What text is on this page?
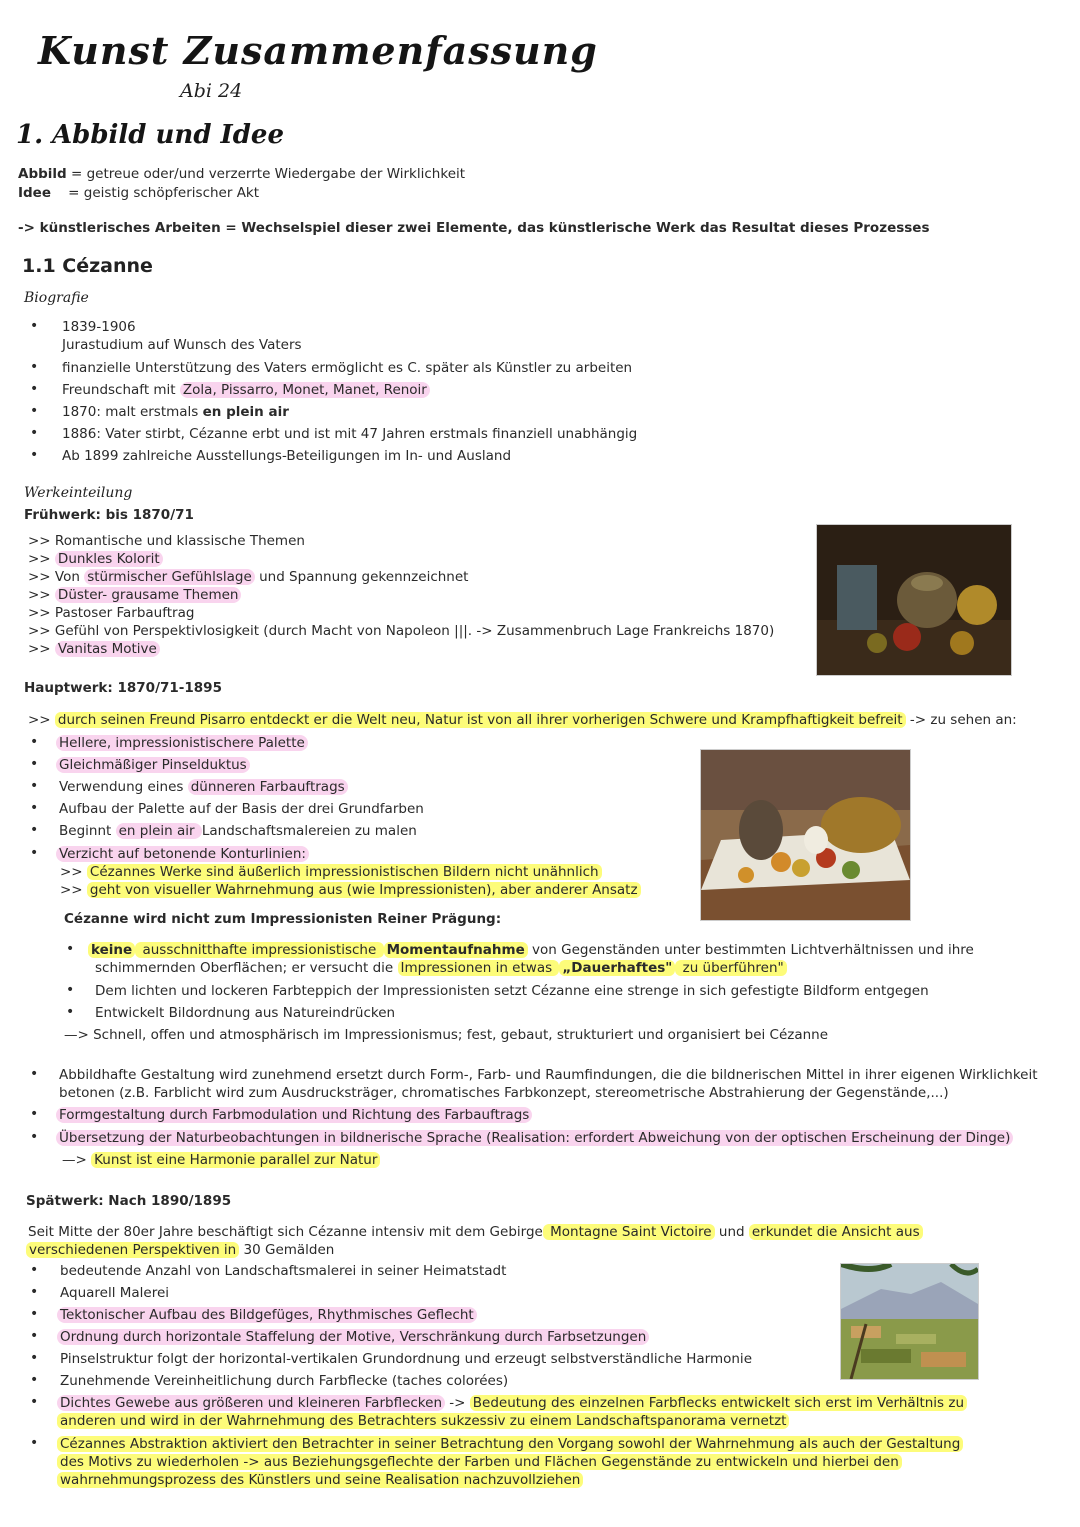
Kunst Zusammenfassung
Abi 24
1. Abbild und Idee
Abbild = getreue oder/und verzerrte Wiedergabe der Wirklichkeit
Idee = geistig schöpferischer Akt
-> künstlerisches Arbeiten = Wechselspiel dieser zwei Elemente, das künstlerische Werk das Resultat dieses Prozesses
1.1 Cézanne
Biografie
• 1839-1906
Jurastudium auf Wunsch des Vaters
• finanzielle Unterstützung des Vaters ermöglicht es C. später als Künstler zu arbeiten
• Freundschaft mit Zola, Pissarro, Monet, Manet, Renoir
• 1870: malt erstmals en plein air
• 1886: Vater stirbt, Cézanne erbt und ist mit 47 Jahren erstmals finanziell unabhängig
• Ab 1899 zahlreiche Ausstellungs-Beteiligungen im In- und Ausland
Werkeinteilung
Frühwerk: bis 1870/71
>> Romantische und klassische Themen
>> Dunkles Kolorit
>> Von stürmischer Gefühlslage und Spannung gekennzeichnet
>> Düster- grausame Themen
>> Pastoser Farbauftrag
>> Gefühl von Perspektivlosigkeit (durch Macht von Napoleon |||. -> Zusammenbruch Lage Frankreichs 1870)
>> Vanitas Motive
Hauptwerk: 1870/71-1895
>> durch seinen Freund Pisarro entdeckt er die Welt neu, Natur ist von all ihrer vorherigen Schwere und Krampfhaftigkeit befreit -> zu sehen an:
• Hellere, impressionistischere Palette
• Gleichmäßiger Pinselduktus
• Verwendung eines dünneren Farbauftrags
• Aufbau der Palette auf der Basis der drei Grundfarben
• Beginnt en plein air Landschaftsmalereien zu malen
• Verzicht auf betonende Konturlinien:
>> Cézannes Werke sind äußerlich impressionistischen Bildern nicht unähnlich
>> geht von visueller Wahrnehmung aus (wie Impressionisten), aber anderer Ansatz
Cézanne wird nicht zum Impressionisten Reiner Prägung:
• keine ausschnitthafte impressionistische Momentaufnahme von Gegenständen unter bestimmten Lichtverhältnissen und ihre
schimmernden Oberflächen; er versucht die Impressionen in etwas „Dauerhaftes" zu überführen"
• Dem lichten und lockeren Farbteppich der Impressionisten setzt Cézanne eine strenge in sich gefestigte Bildform entgegen
• Entwickelt Bildordnung aus Natureindrücken
—> Schnell, offen und atmosphärisch im Impressionismus; fest, gebaut, strukturiert und organisiert bei Cézanne
• Abbildhafte Gestaltung wird zunehmend ersetzt durch Form-, Farb- und Raumfindungen, die die bildnerischen Mittel in ihrer eigenen Wirklichkeit
betonen (z.B. Farblicht wird zum Ausdrucksträger, chromatisches Farbkonzept, stereometrische Abstrahierung der Gegenstände,...)
• Formgestaltung durch Farbmodulation und Richtung des Farbauftrags
• Übersetzung der Naturbeobachtungen in bildnerische Sprache (Realisation: erfordert Abweichung von der optischen Erscheinung der Dinge)
—> Kunst ist eine Harmonie parallel zur Natur
Spätwerk: Nach 1890/1895
Seit Mitte der 80er Jahre beschäftigt sich Cézanne intensiv mit dem Gebirge Montagne Saint Victoire und erkundet die Ansicht aus
verschiedenen Perspektiven in 30 Gemälden
• bedeutende Anzahl von Landschaftsmalerei in seiner Heimatstadt
• Aquarell Malerei
• Tektonischer Aufbau des Bildgefüges, Rhythmisches Geflecht
• Ordnung durch horizontale Staffelung der Motive, Verschränkung durch Farbsetzungen
• Pinselstruktur folgt der horizontal-vertikalen Grundordnung und erzeugt selbstverständliche Harmonie
• Zunehmende Vereinheitlichung durch Farbflecke (taches colorées)
• Dichtes Gewebe aus größeren und kleineren Farbflecken -> Bedeutung des einzelnen Farbflecks entwickelt sich erst im Verhältnis zu
anderen und wird in der Wahrnehmung des Betrachters sukzessiv zu einem Landschaftspanorama vernetzt
• Cézannes Abstraktion aktiviert den Betrachter in seiner Betrachtung den Vorgang sowohl der Wahrnehmung als auch der Gestaltung
des Motivs zu wiederholen -> aus Beziehungsgeflechte der Farben und Flächen Gegenstände zu entwickeln und hierbei den
wahrnehmungsprozess des Künstlers und seine Realisation nachzuvollziehen
